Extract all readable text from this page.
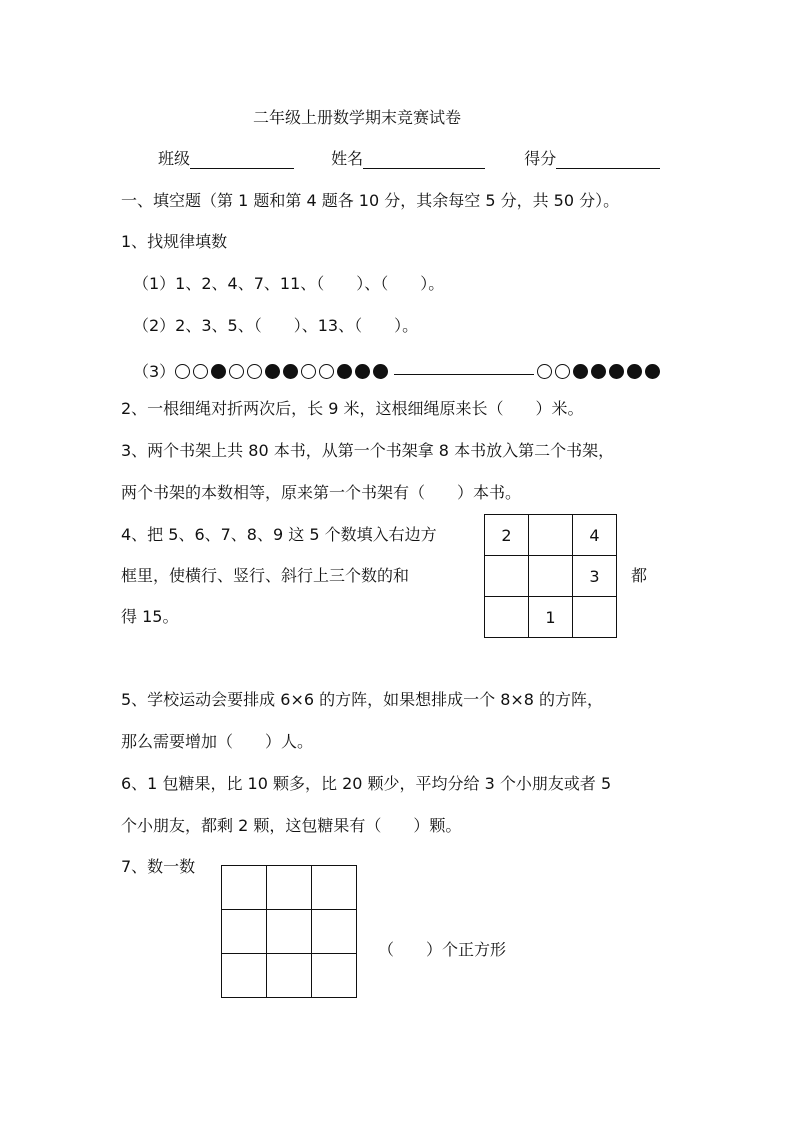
二年级上册数学期末竞赛试卷
班级	姓名	得分
一、填空题（第 1 题和第 4 题各 10 分，其余每空 5 分，共 50 分）。
1、找规律填数
（1）1、2、4、7、11、（　　）、（　　）。
（2）2、3、5、（　　）、13、（　　）。
（3）
2、一根细绳对折两次后，长 9 米，这根细绳原来长（　　）米。
3、两个书架上共 80 本书，从第一个书架拿 8 本书放入第二个书架，
两个书架的本数相等，原来第一个书架有（　　）本书。
4、把 5、6、7、8、9 这 5 个数填入右边方
框里，使横行、竖行、斜行上三个数的和
得 15。
2		4
		3
	1	
都
5、学校运动会要排成 6×6 的方阵，如果想排成一个 8×8 的方阵，
那么需要增加（　　）人。
6、1 包糖果，比 10 颗多，比 20 颗少，平均分给 3 个小朋友或者 5
个小朋友，都剩 2 颗，这包糖果有（　　）颗。
7、数一数

（　　）个正方形
